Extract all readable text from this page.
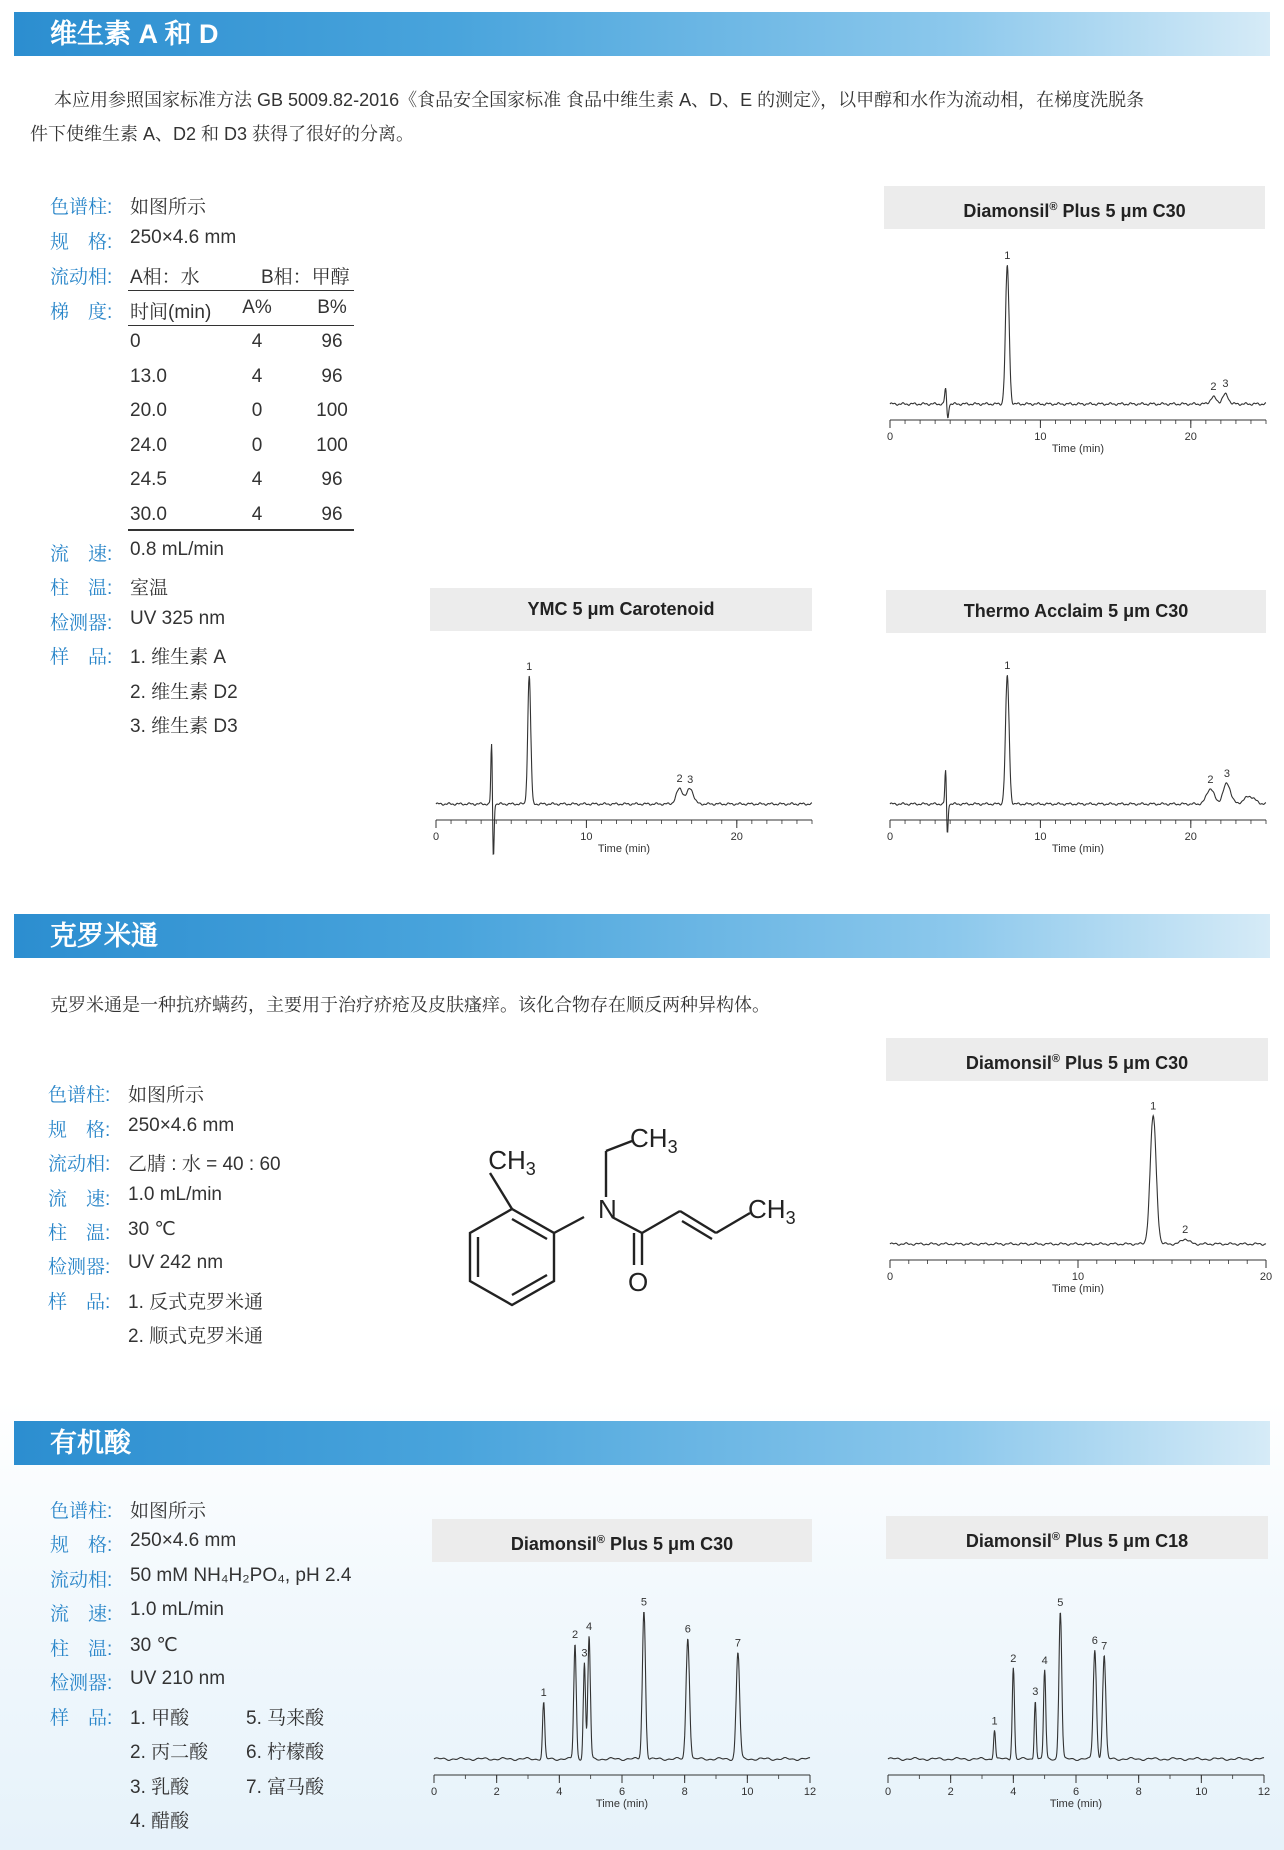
维生素 A 和 D
本应用参照国家标准方法 GB 5009.82-2016《食品安全国家标准 食品中维生素 A、D、E 的测定》，以甲醇和水作为流动相，在梯度洗脱条
件下使维生素 A、D2 和 D3 获得了很好的分离。
色谱柱: 如图所示
规　格: 250×4.6 mm
流动相: A相：水	B相：甲醇
梯　度: 时间(min)	A%	B%
0	4	96
13.0	4	96
20.0	0	100
24.0	0	100
24.5	4	96
30.0	4	96
流　速: 0.8 mL/min
柱　温: 室温
检测器: UV 325 nm
样　品: 1. 维生素 A
2. 维生素 D2
3. 维生素 D3
Diamonsil® Plus 5 μm C30
1
2 3
0	10	20
Time (min)
YMC 5 μm Carotenoid
1
2 3
0	10	20
Time (min)
Thermo Acclaim 5 μm C30
1
2 3
0	10	20
Time (min)
克罗米通
克罗米通是一种抗疥螨药，主要用于治疗疥疮及皮肤瘙痒。该化合物存在顺反两种异构体。
色谱柱: 如图所示
规　格: 250×4.6 mm
流动相: 乙腈 : 水 = 40 : 60
流　速: 1.0 mL/min
柱　温: 30 ℃
检测器: UV 242 nm
样　品: 1. 反式克罗米通
2. 顺式克罗米通
$CH_3$
$CH_3$
N
O
$CH_3$
Diamonsil® Plus 5 μm C30
1
2
0	10	20
Time (min)
有机酸
色谱柱: 如图所示
规　格: 250×4.6 mm
流动相: 50 mM NH₄H₂PO₄, pH 2.4
流　速: 1.0 mL/min
柱　温: 30 ℃
检测器: UV 210 nm
样　品: 1. 甲酸
2. 丙二酸
3. 乳酸
4. 醋酸
5. 马来酸
6. 柠檬酸
7. 富马酸
Diamonsil® Plus 5 μm C30
1
2
3
4
5
6
7
0	2	4	6	8	10	12
Time (min)
Diamonsil® Plus 5 μm C18
1
2
3
4
5
6 7
0	2	4	6	8	10	12
Time (min)
